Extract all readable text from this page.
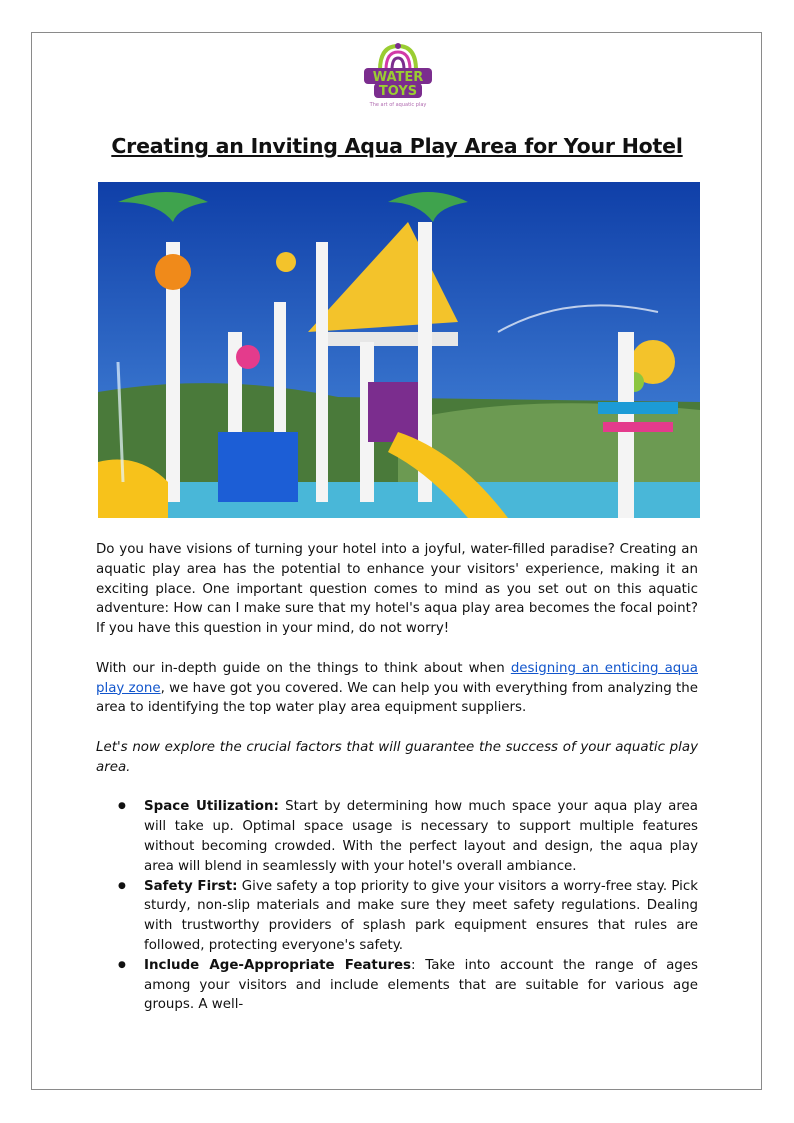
WATER
TOYS
The art of aquatic play
Creating an Inviting Aqua Play Area for Your Hotel

Do you have visions of turning your hotel into a joyful, water-filled paradise? Creating an aquatic play area has the potential to enhance your visitors' experience, making it an exciting place. One important question comes to mind as you set out on this aquatic adventure: How can I make sure that my hotel's aqua play area becomes the focal point? If you have this question in your mind, do not worry!

With our in-depth guide on the things to think about when designing an enticing aqua play zone, we have got you covered. We can help you with everything from analyzing the area to identifying the top water play area equipment suppliers.

Let's now explore the crucial factors that will guarantee the success of your aquatic play area.

● Space Utilization: Start by determining how much space your aqua play area will take up. Optimal space usage is necessary to support multiple features without becoming crowded. With the perfect layout and design, the aqua play area will blend in seamlessly with your hotel's overall ambiance.
● Safety First: Give safety a top priority to give your visitors a worry-free stay. Pick sturdy, non-slip materials and make sure they meet safety regulations. Dealing with trustworthy providers of splash park equipment ensures that rules are followed, protecting everyone's safety.
● Include Age-Appropriate Features: Take into account the range of ages among your visitors and include elements that are suitable for various age groups. A well-
